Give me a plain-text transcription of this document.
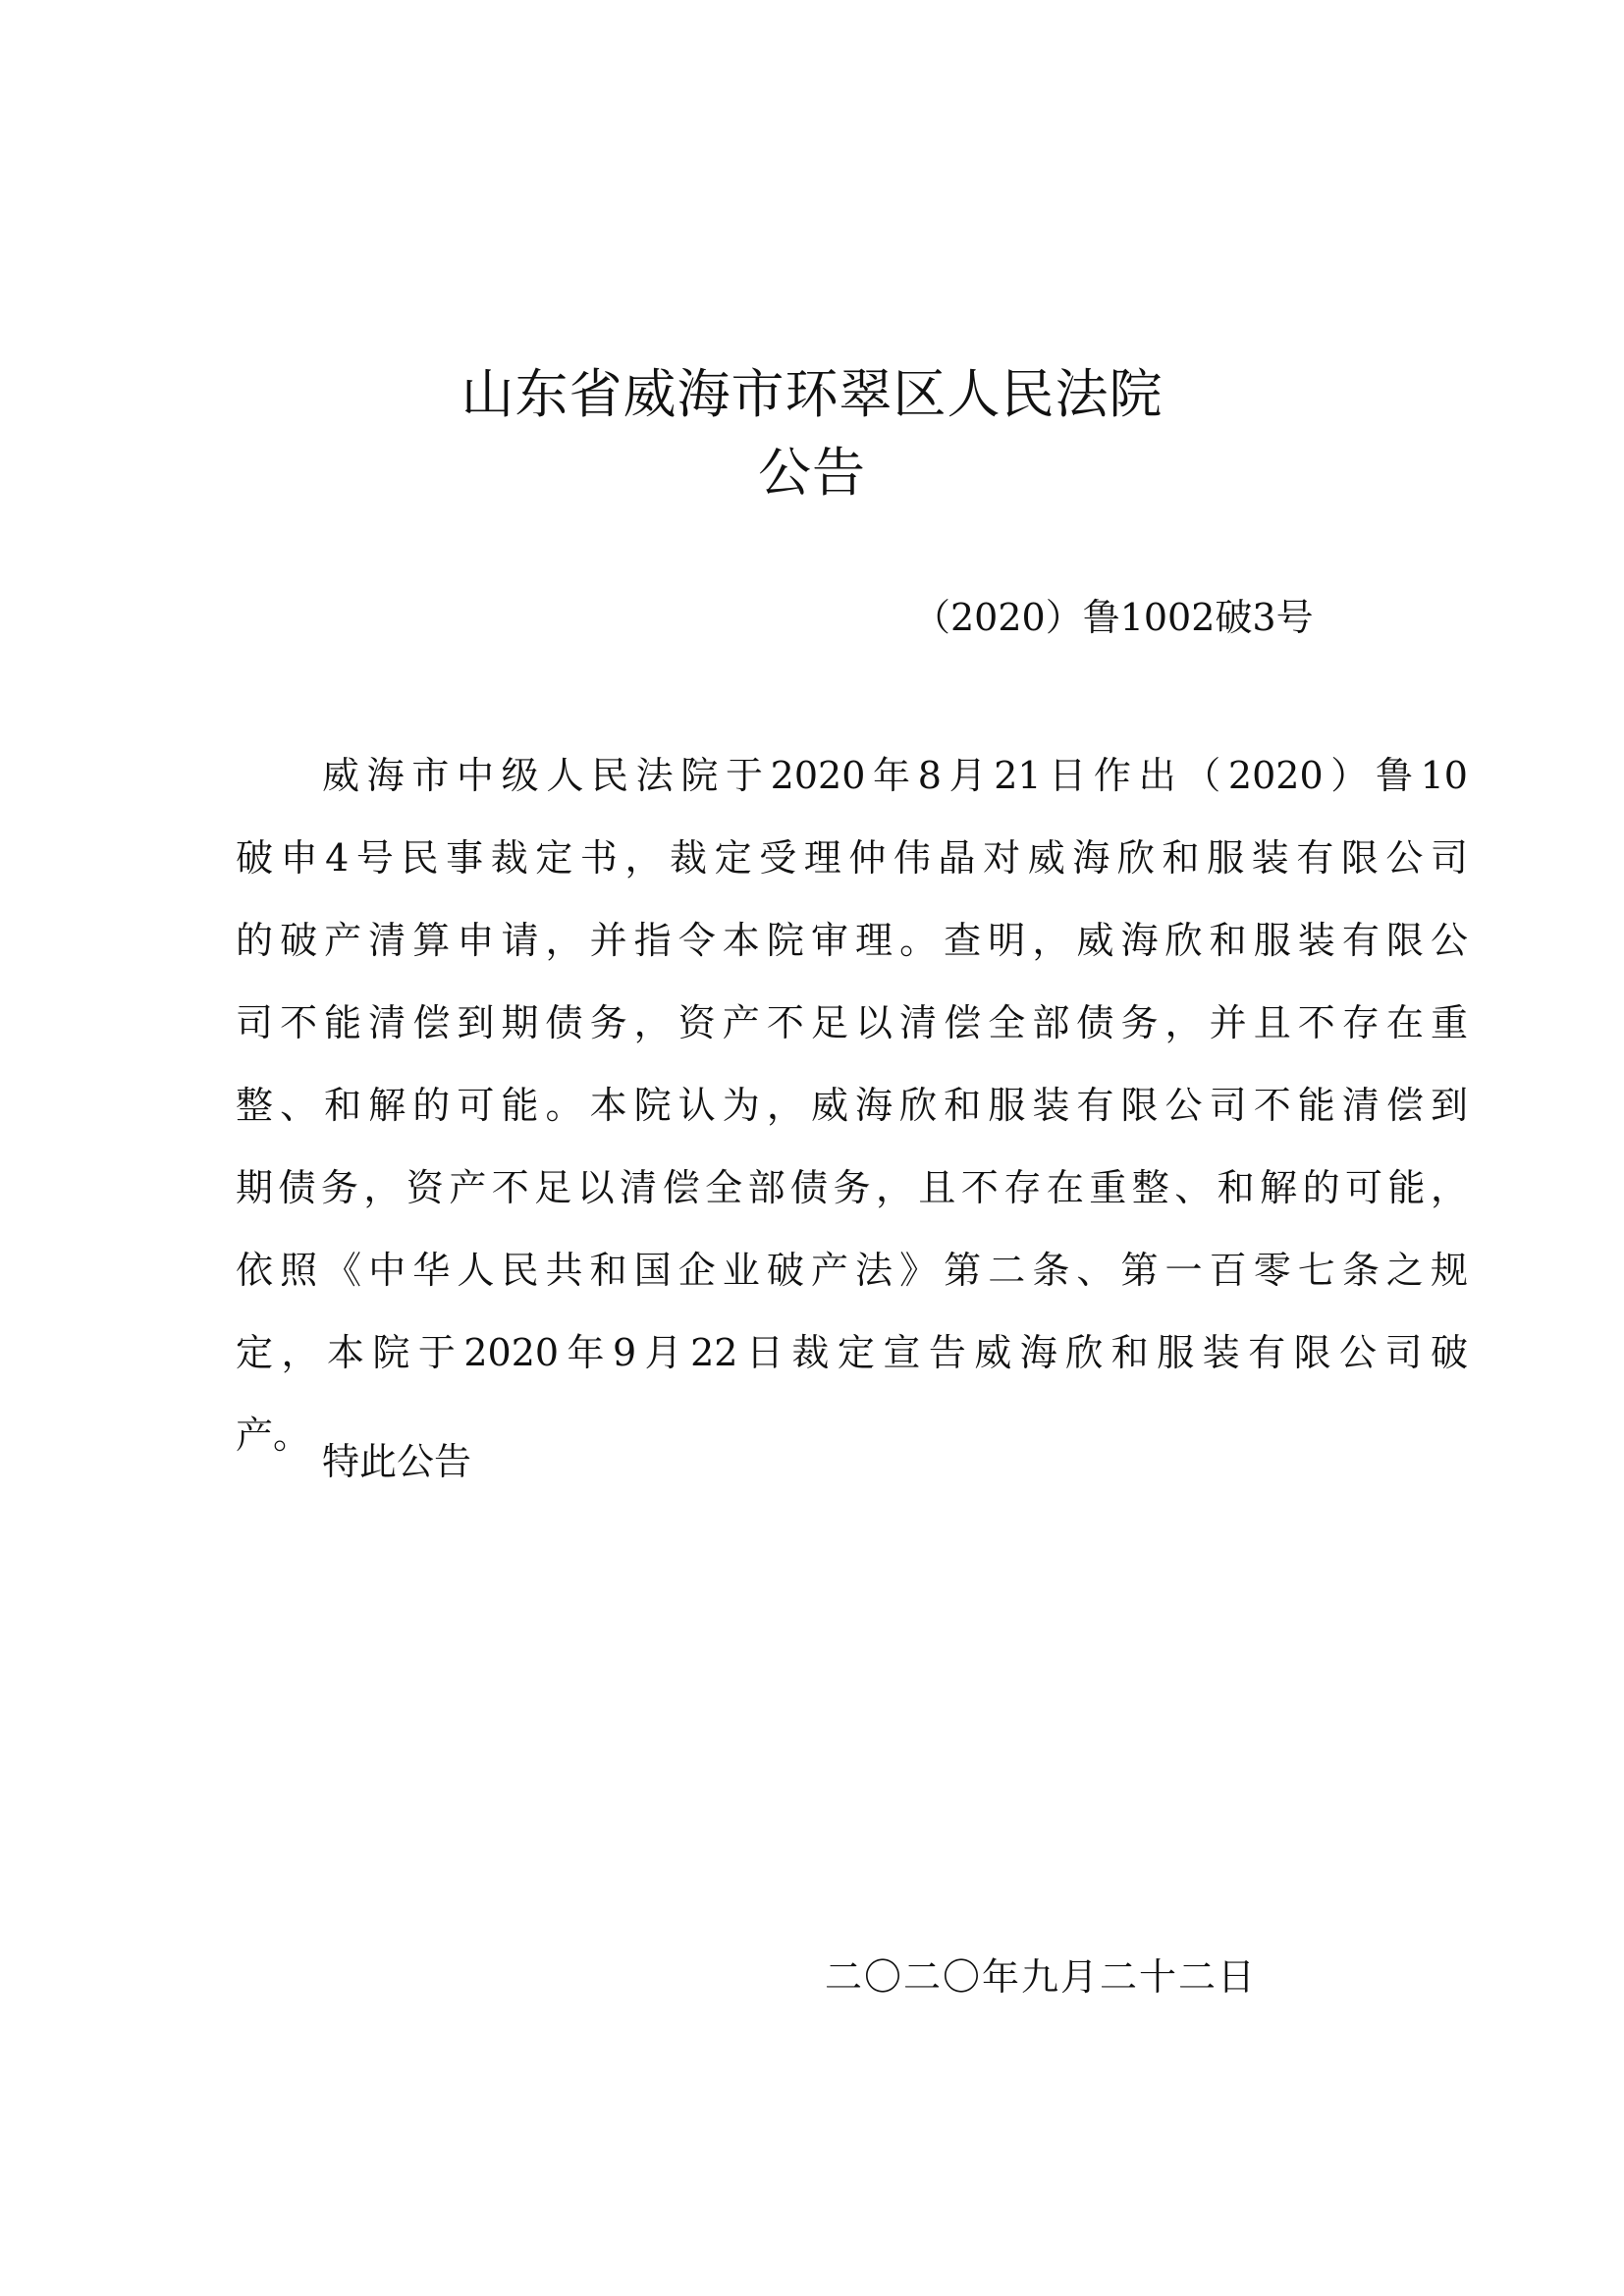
山东省威海市环翠区人民法院
公告
（2020）鲁1002破3号
威海市中级人民法院于2020年8月21日作出（2020）鲁10
破申4号民事裁定书，裁定受理仲伟晶对威海欣和服装有限公司
的破产清算申请，并指令本院审理。查明，威海欣和服装有限公
司不能清偿到期债务，资产不足以清偿全部债务，并且不存在重
整、和解的可能。本院认为，威海欣和服装有限公司不能清偿到
期债务，资产不足以清偿全部债务，且不存在重整、和解的可能，
依照《中华人民共和国企业破产法》第二条、第一百零七条之规
定，本院于2020年9月22日裁定宣告威海欣和服装有限公司破
产。
特此公告
二〇二〇年九月二十二日
